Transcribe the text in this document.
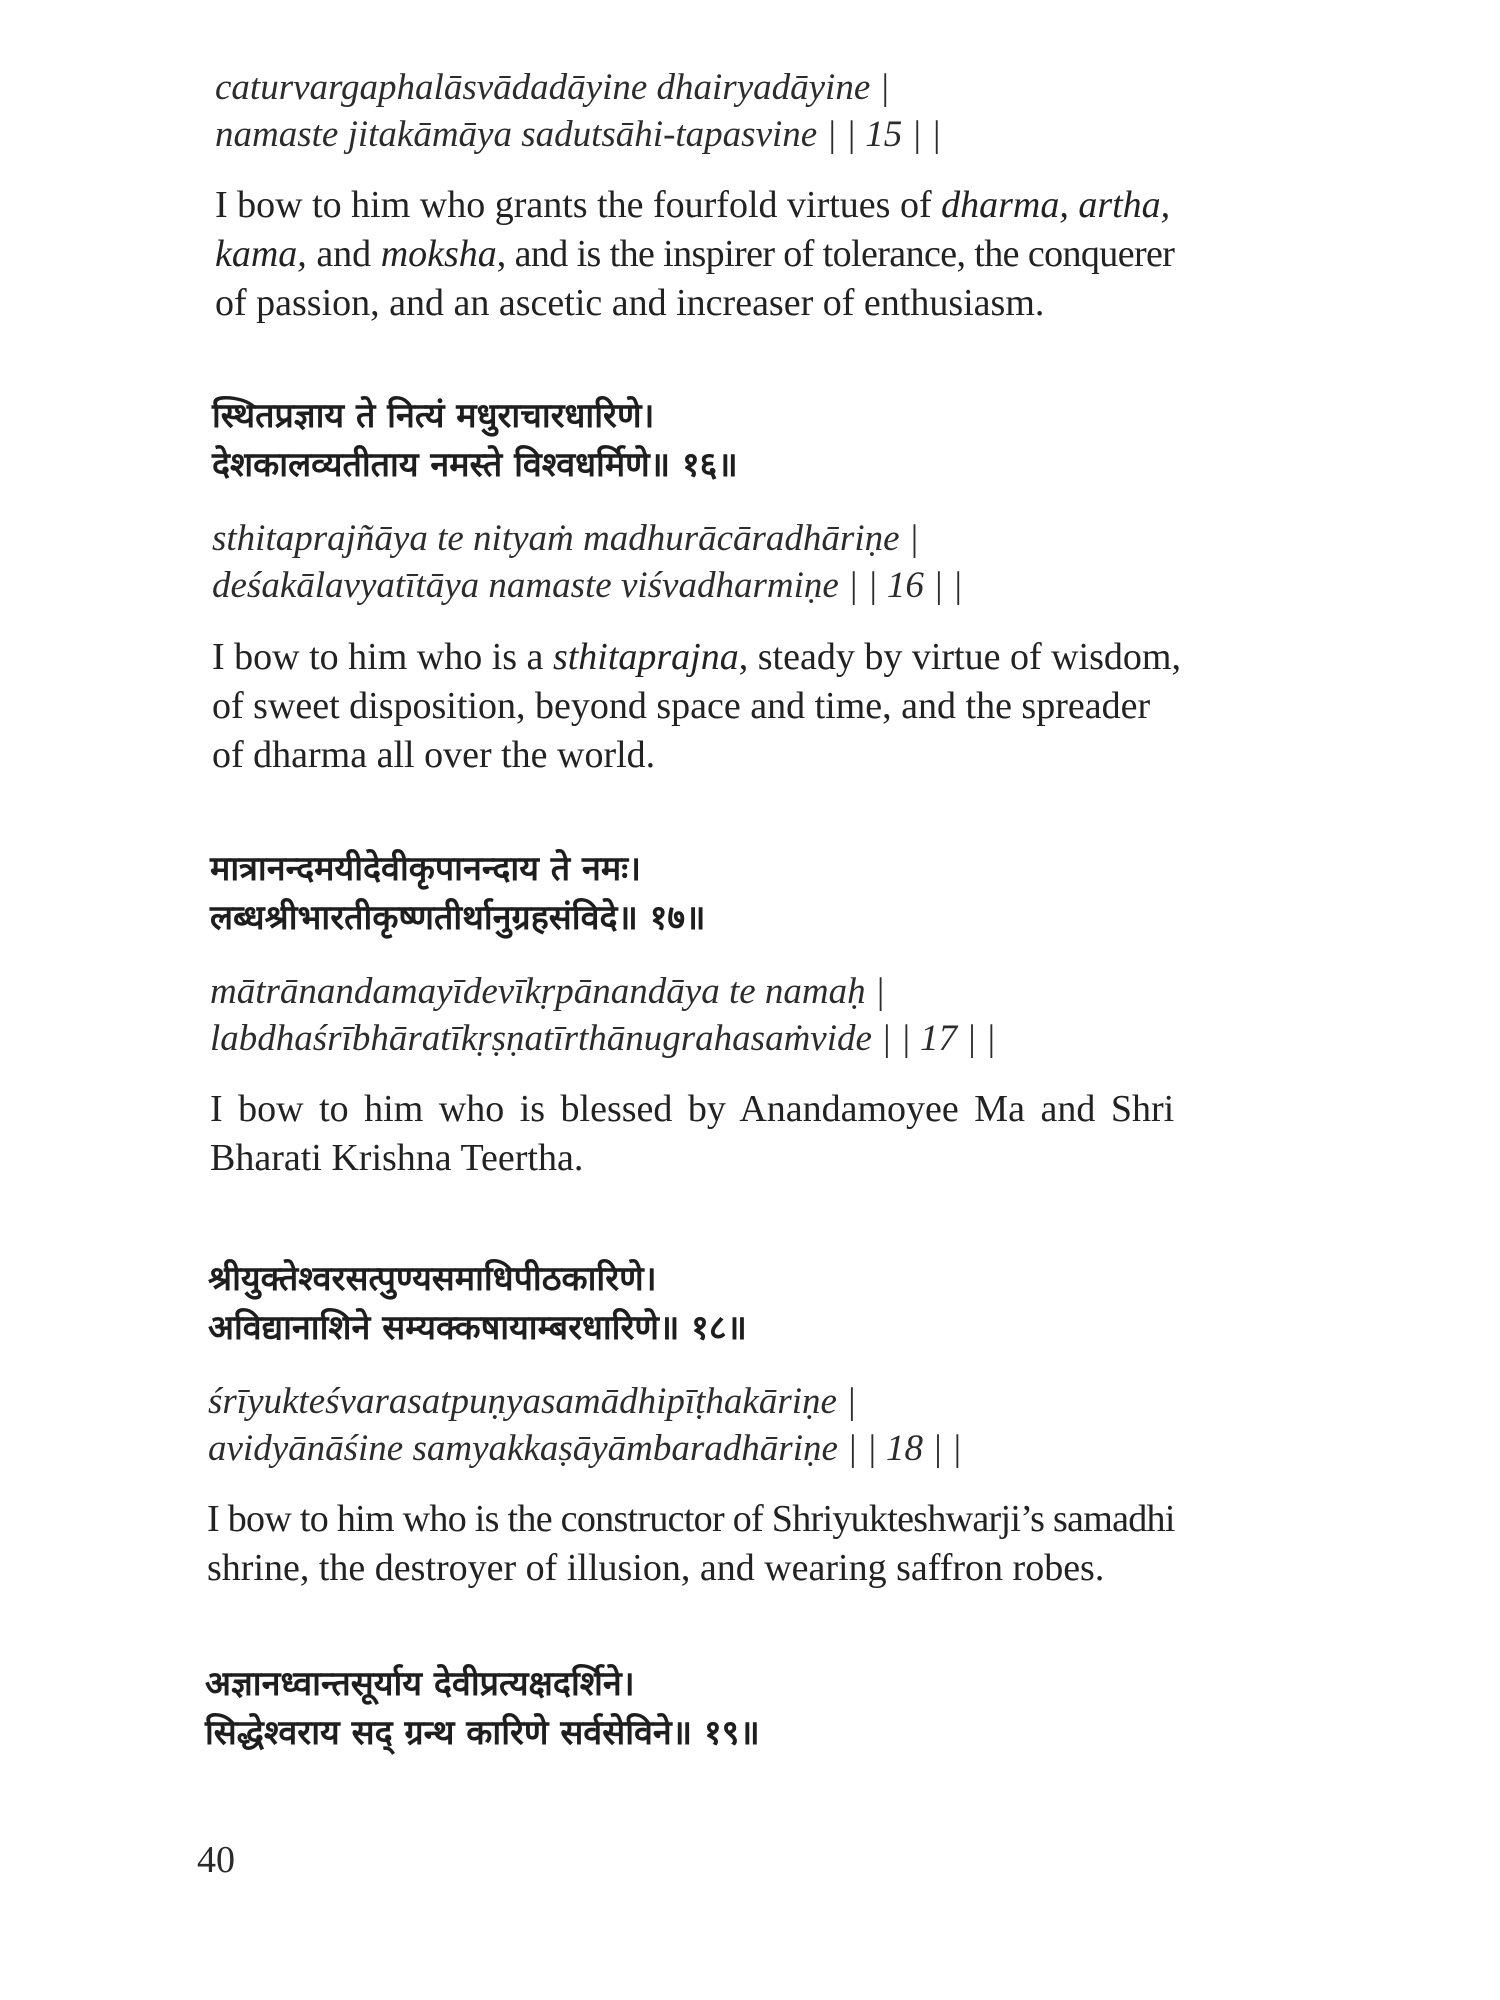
caturvargaphalāsvādadāyine dhairyadāyine |
namaste jitakāmāya sadutsāhi-tapasvine | | 15 | |
I bow to him who grants the fourfold virtues of dharma, artha,
kama, and moksha, and is the inspirer of tolerance, the conquerer
of passion, and an ascetic and increaser of enthusiasm.
स्थितप्रज्ञाय ते नित्यं मधुराचारधारिणे।
देशकालव्यतीताय नमस्ते विश्वधर्मिणे॥ १६॥
sthitaprajñāya te nityaṁ madhurācāradhāriṇe |
deśakālavyatītāya namaste viśvadharmiṇe | | 16 | |
I bow to him who is a sthitaprajna, steady by virtue of wisdom,
of sweet disposition, beyond space and time, and the spreader
of dharma all over the world.
मात्रानन्दमयीदेवीकृपानन्दाय ते नमः।
लब्धश्रीभारतीकृष्णतीर्थानुग्रहसंविदे॥ १७॥
mātrānandamayīdevīkṛpānandāya te namaḥ |
labdhaśrībhāratīkṛṣṇatīrthānugrahasaṁvide | | 17 | |
I bow to him who is blessed by Anandamoyee Ma and Shri
Bharati Krishna Teertha.
श्रीयुक्तेश्वरसत्पुण्यसमाधिपीठकारिणे।
अविद्यानाशिने सम्यक्कषायाम्बरधारिणे॥ १८॥
śrīyukteśvarasatpuṇyasamādhipīṭhakāriṇe |
avidyānāśine samyakkaṣāyāmbaradhāriṇe | | 18 | |
I bow to him who is the constructor of Shriyukteshwarji’s samadhi
shrine, the destroyer of illusion, and wearing saffron robes.
अज्ञानध्वान्तसूर्याय देवीप्रत्यक्षदर्शिने।
सिद्धेश्वराय सद् ग्रन्थ कारिणे सर्वसेविने॥ १९॥
40
